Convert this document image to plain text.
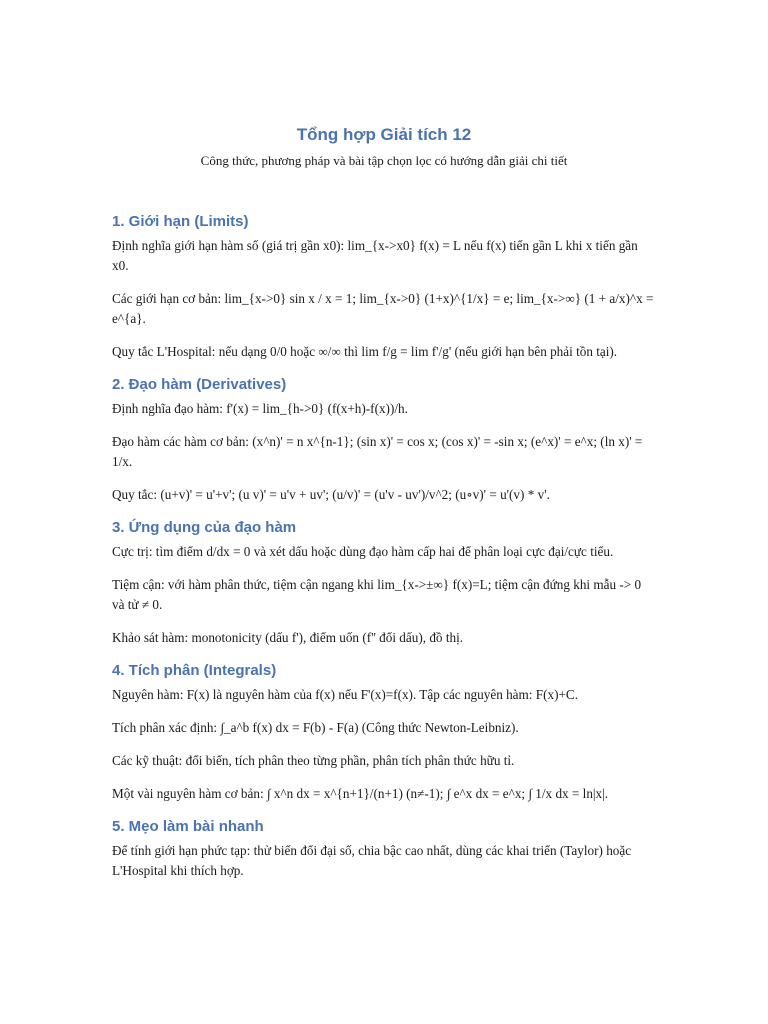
Tổng hợp Giải tích 12

Công thức, phương pháp và bài tập chọn lọc có hướng dẫn giải chi tiết

1. Giới hạn (Limits)

Định nghĩa giới hạn hàm số (giá trị gần x0): lim_{x->x0} f(x) = L nếu f(x) tiến gần L khi x tiến gần x0.

Các giới hạn cơ bản: lim_{x->0} sin x / x = 1; lim_{x->0} (1+x)^{1/x} = e; lim_{x->∞} (1 + a/x)^x = e^{a}.

Quy tắc L'Hospital: nếu dạng 0/0 hoặc ∞/∞ thì lim f/g = lim f'/g' (nếu giới hạn bên phải tồn tại).

2. Đạo hàm (Derivatives)

Định nghĩa đạo hàm: f'(x) = lim_{h->0} (f(x+h)-f(x))/h.

Đạo hàm các hàm cơ bản: (x^n)' = n x^{n-1}; (sin x)' = cos x; (cos x)' = -sin x; (e^x)' = e^x; (ln x)' = 1/x.

Quy tắc: (u+v)' = u'+v'; (u v)' = u'v + uv'; (u/v)' = (u'v - uv')/v^2; (u∘v)' = u'(v) * v'.

3. Ứng dụng của đạo hàm

Cực trị: tìm điểm d/dx = 0 và xét dấu hoặc dùng đạo hàm cấp hai để phân loại cực đại/cực tiểu.

Tiệm cận: với hàm phân thức, tiệm cận ngang khi lim_{x->±∞} f(x)=L; tiệm cận đứng khi mẫu -> 0 và tử ≠ 0.

Khảo sát hàm: monotonicity (dấu f'), điểm uốn (f'' đổi dấu), đồ thị.

4. Tích phân (Integrals)

Nguyên hàm: F(x) là nguyên hàm của f(x) nếu F'(x)=f(x). Tập các nguyên hàm: F(x)+C.

Tích phân xác định: ∫_a^b f(x) dx = F(b) - F(a) (Công thức Newton-Leibniz).

Các kỹ thuật: đổi biến, tích phân theo từng phần, phân tích phân thức hữu tỉ.

Một vài nguyên hàm cơ bản: ∫ x^n dx = x^{n+1}/(n+1) (n≠-1); ∫ e^x dx = e^x; ∫ 1/x dx = ln|x|.

5. Mẹo làm bài nhanh

Để tính giới hạn phức tạp: thử biến đổi đại số, chia bậc cao nhất, dùng các khai triển (Taylor) hoặc L'Hospital khi thích hợp.
